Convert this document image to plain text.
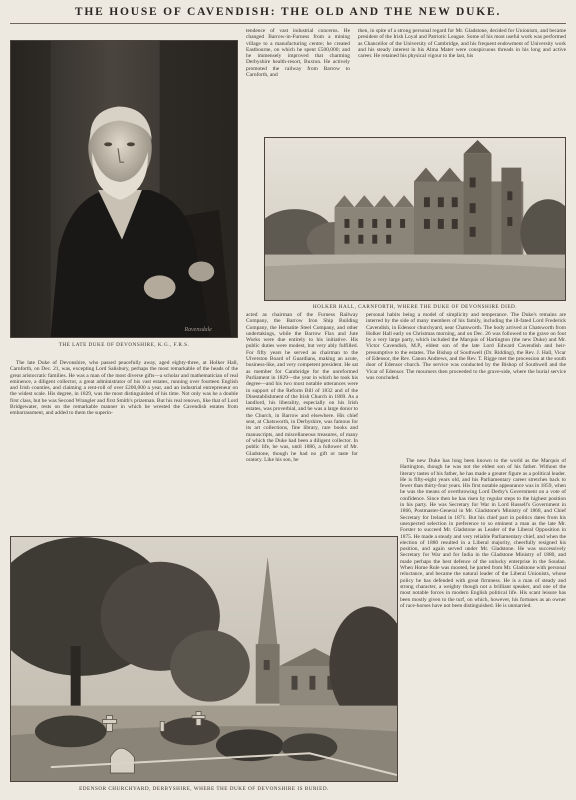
THE HOUSE OF CAVENDISH: THE OLD AND THE NEW DUKE.
Ravensdale
THE LATE DUKE OF DEVONSHIRE, K.G., F.R.S.

tendence of vast industrial concerns. He changed Barrow-in-Furness from a mining village to a manufacturing centre; he created Eastbourne, on which he spent £500,000; and he immensely improved that charming Derbyshire health-resort, Buxton. He actively promoted the railway from Barrow to Carnforth, and

then, in spite of a strong personal regard for Mr. Gladstone, decided for Unionism, and became president of the Irish Loyal and Patriotic League. Some of his most useful work was performed as Chancellor of the University of Cambridge, and his frequent endowment of University work and his steady interest in his Alma Mater were conspicuous threads in his long and active career. He retained his physical vigour to the last, his

HOLKER HALL, CARNFORTH, WHERE THE DUKE OF DEVONSHIRE DIED.

acted as chairman of the Furness Railway Company, the Barrow Iron Ship Building Company, the Hematite Steel Company, and other undertakings, while the Barrow Flax and Jute Works were due entirely to his initiative. His public duties were modest, but very ably fulfilled. For fifty years he served as chairman to the Ulverston Board of Guardians, making an acute, business-like, and very competent president. He sat as member for Cambridge for the unreformed Parliament in 1829—the year in which he took his degree—and his two most notable utterances were in support of the Reform Bill of 1832 and of the Disestablishment of the Irish Church in 1869. As a landlord, his liberality, especially on his Irish estates, was proverbial, and he was a large donor to the Church, in Barrow and elsewhere. His chief seat, at Chatsworth, in Derbyshire, was famous for its art collections, fine library, rare books and manuscripts, and miscellaneous treasures, of many of which the Duke had been a diligent collector. In public life, he was, until 1886, a follower of Mr. Gladstone, though he had no gift or taste for oratory. Like his son, he

The late Duke of Devonshire, who passed peacefully away, aged eighty-three, at Holker Hall, Carnforth, on Dec. 21, was, excepting Lord Salisbury, perhaps the most remarkable of the heads of the great aristocratic families. He was a man of the most diverse gifts—a scholar and mathematician of real eminence, a diligent collector, a great administrator of his vast estates, running over fourteen English and Irish counties, and claiming a rent-roll of over £200,000 a year, and an industrial entrepreneur on the widest scale. His degree, in 1829, was the most distinguished of his time. Not only was he a double first class, but he was Second Wrangler and first Smith's prizeman. But his real renown, like that of Lord Bridgewater, rests on the remarkable manner in which he wrested the Cavendish estates from embarrassment, and added to them the superin-

personal habits being a model of simplicity and temperance. The Duke's remains are interred by the side of many members of his family, including the ill-fated Lord Frederick Cavendish, in Edensor churchyard, near Chatsworth. The body arrived at Chatsworth from Holker Hall early on Christmas morning, and on Dec. 26 was followed to the grave on foot by a very large party, which included the Marquis of Hartington (the new Duke) and Mr. Victor Cavendish, M.P., eldest son of the late Lord Edward Cavendish and heir-presumptive to the estates. The Bishop of Southwell (Dr. Ridding), the Rev. J. Hall, Vicar of Edensor, the Rev. Canon Andrews, and the Rev. T. Rigge met the procession at the south door of Edensor church. The service was conducted by the Bishop of Southwell and the Vicar of Edensor. The mourners then proceeded to the grave-side, where the burial service was concluded.

The new Duke has long been known to the world as the Marquis of Hartington, though he was not the eldest son of his father. Without the literary tastes of his father, he has made a greater figure as a political leader. He is fifty-eight years old, and his Parliamentary career stretches back to fewer than thirty-four years. His first notable appearance was in 1859, when he was the means of overthrowing Lord Derby's Government on a vote of confidence. Since then he has risen by regular steps to the highest position in his party. He was Secretary for War in Lord Russell's Government in 1866, Postmaster-General in Mr. Gladstone's Ministry of 1868, and Chief Secretary for Ireland in 1871. But his chief part in politics dates from his unexpected selection in preference to so eminent a man as the late Mr. Forster to succeed Mr. Gladstone as Leader of the Liberal Opposition in 1875. He made a steady and very reliable Parliamentary chief, and when the election of 1880 resulted in a Liberal majority, cheerfully resigned his position, and again served under Mr. Gladstone. He was successively Secretary for War and for India in the Gladstone Ministry of 1880, and made perhaps the best defence of the unlucky enterprise in the Soudan. When Home Rule was mooted, he parted from Mr. Gladstone with personal reluctance, and became the natural leader of the Liberal Unionists, whose policy he has defended with great firmness. He is a man of steady and strong character, a weighty though not a brilliant speaker, and one of the most notable forces in modern English political life. His scant leisure has been mostly given to the turf, on which, however, his fortunes as an owner of race-horses have not been distinguished. He is unmarried.

EDENSOR CHURCHYARD, DERBYSHIRE, WHERE THE DUKE OF DEVONSHIRE IS BURIED.
